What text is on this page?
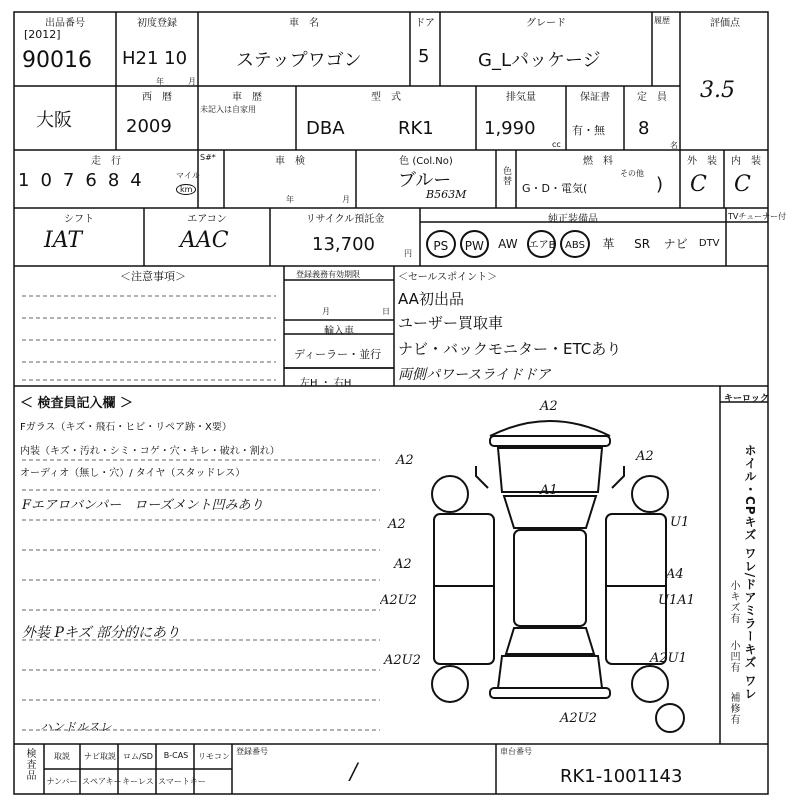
出品番号
[2012]
90016
初度登録
H21 10
年	月
車　名
ステップワゴン
ドア
5
グレード
G_Lパッケージ
履歴	評価点
3.5
大阪
西　暦
2009
車　歴
未記入は自家用
型　式
DBA	RK1
排気量
1,990
cc
保証書
有・無
定　員
8
名
走　行
1 0 7 6 8 4	マイル
km
S#*	車　検
年	月
色 (Col.No)
ブルー
B563M
色替
燃　料
G・D・電気(
その他
)
外　装	内　装
C C
シフト
IAT
エアコン
AAC
リサイクル預託金
13,700	円
純正装備品	TVチューナー付
PS	PW	AW	エアB ABS	革	SR	ナビ	DTV
＜注意事項＞	登録義務有効期限
月	日
輸入車
ディーラー・並行
左H ・ 右H
＜セールスポイント＞
AA初出品
ユーザー買取車
ナビ・バックモニター・ETCあり
両側パワースライドドア
＜ 検査員記入欄 ＞
Fガラス（キズ・飛石・ヒビ・リペア跡・X要）
内装（キズ・汚れ・シミ・コゲ・穴・キレ・破れ・割れ）
オーディオ（無し・穴）/ タイヤ（スタッドレス）
Fエアロバンパー　ローズメント凹みあり
外装 Pキズ 部分的にあり
ハンドルスレ
キーロック
ホイル・CPキズ ワレ/ドアミラーキズ ワレ
小キズ有
小凹有
補修有
A2
A2
A2
A2
A2U2
A2U2
A1
A2
U1A1
A4
A2U1
A2U2
U1
検査品	取説	ナビ取説 ロム/SD	B-CAS	リモコン
ナンバー スペアキー キーレス スマートキー
登録番号
/
車台番号
RK1-1001143
